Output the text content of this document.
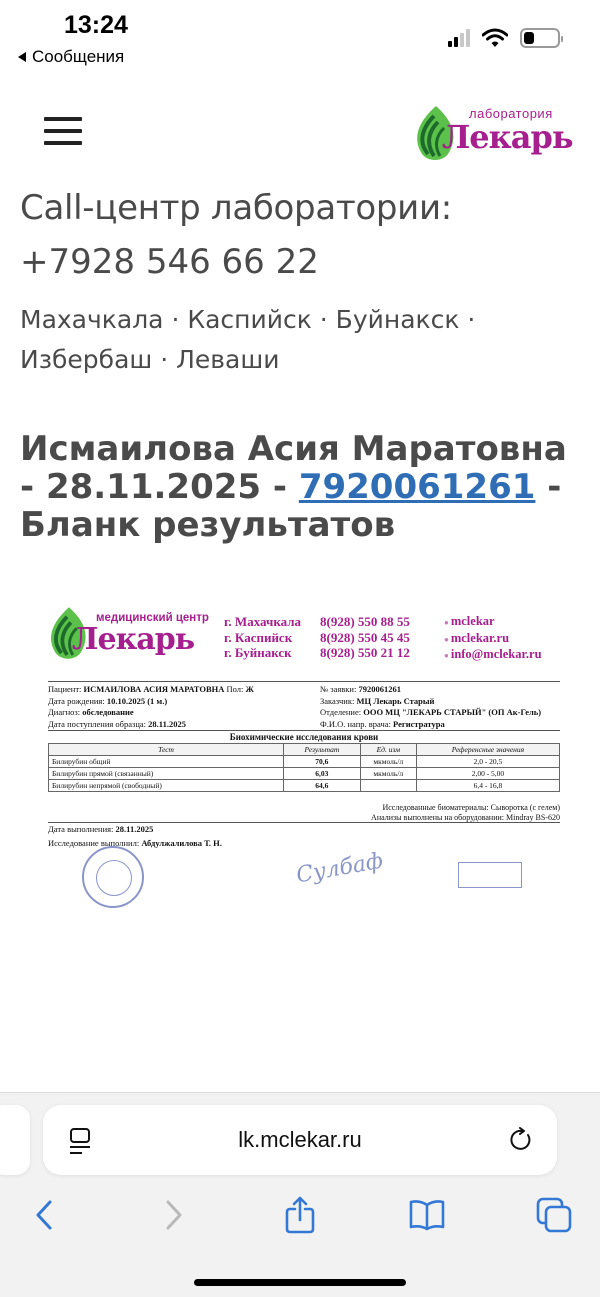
13:24
Сообщения
лаборатория
Лекарь
Call-центр лаборатории:
+7928 546 66 22
Махачкала · Каспийск · Буйнакск · Избербаш · Леваши
Исмаилова Асия Маратовна - 28.11.2025 - 7920061261 - Бланк результатов
медицинский центр
Лекарь
г. Махачкала
г. Каспийск
г. Буйнакск
8(928) 550 88 55
8(928) 550 45 45
8(928) 550 21 12
● mclekar
● mclekar.ru
● info@mclekar.ru
Пациент: ИСМАИЛОВА АСИЯ МАРАТОВНА Пол: Ж
Дата рождения: 10.10.2025 (1 м.)
Диагноз: обследование
Дата поступления образца: 28.11.2025
№ заявки: 7920061261
Заказчик: МЦ Лекарь Старый
Отделение: ООО МЦ "ЛЕКАРЬ СТАРЫЙ" (ОП Ак-Гель)
Ф.И.О. напр. врача: Регистратура
Биохимические исследования крови
Тест	Результат	Ед. изм	Референсные значения
Билирубин общий	70,6	мкмоль/л	2,0 - 20,5
Билирубин прямой (связанный)	6,03	мкмоль/л	2,00 - 5,00
Билирубин непрямой (свободный)	64,6		6,4 - 16,8
Исследованные биоматериалы: Сыворотка (с гелем)
Анализы выполнены на оборудовании: Mindray BS-620
Дата выполнения: 28.11.2025
Исследование выполнил: Абдулжалилова Т. Н.
Сулбаф
lk.mclekar.ru
